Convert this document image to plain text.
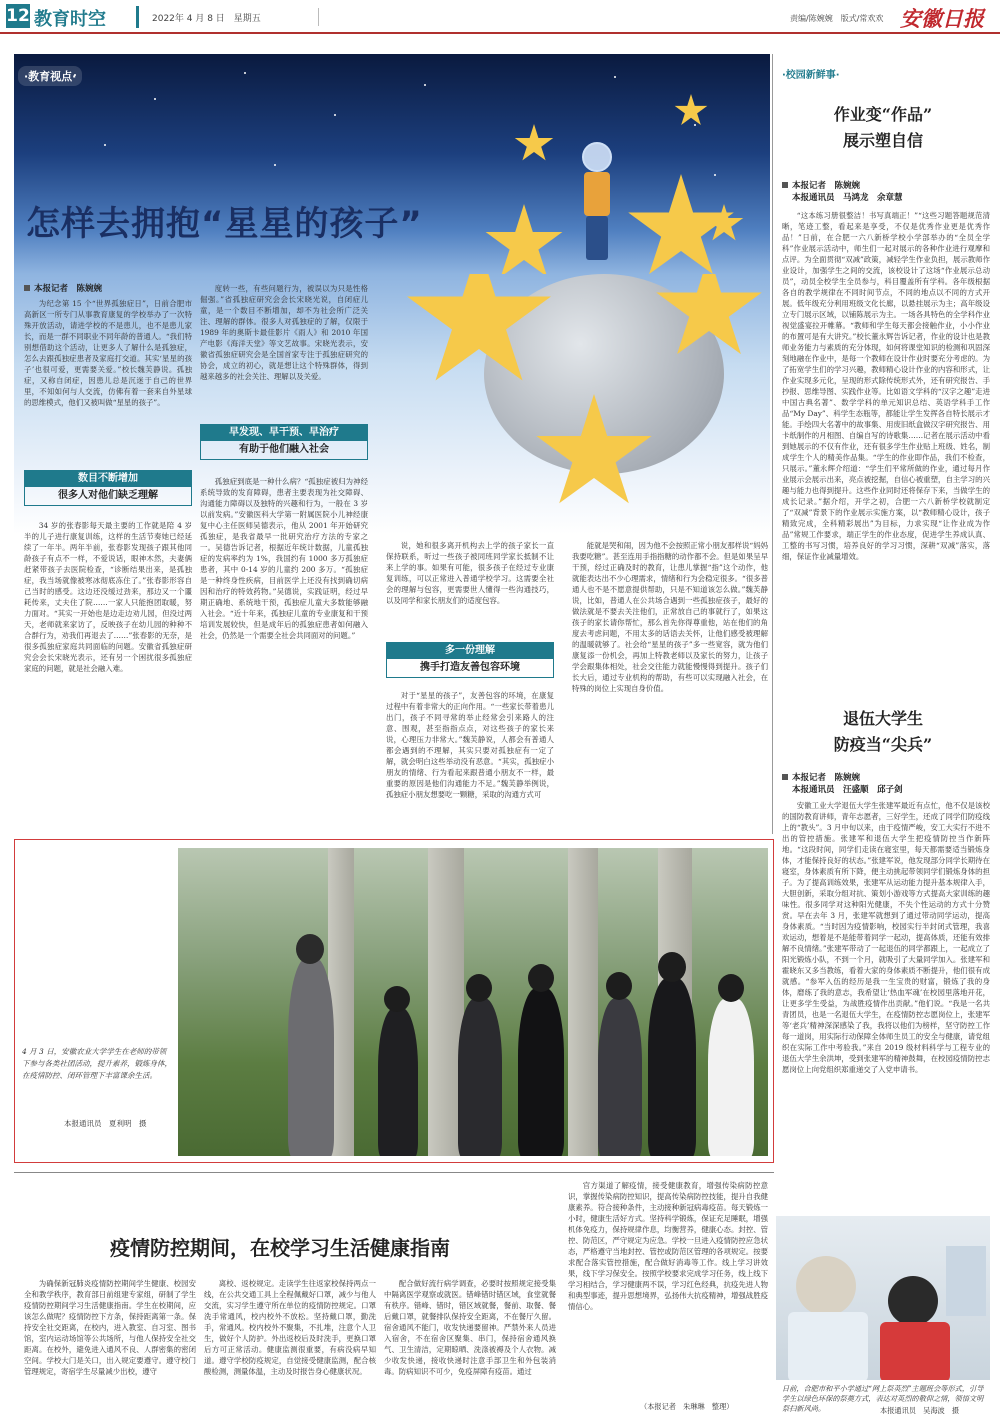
12 教育时空	2022年 4 月 8 日　星期五	责编/陈婉婉　版式/常欢欢 安徽日报
·教育视点·
怎样去拥抱“星星的孩子”
本报记者　陈婉婉

为纪念第 15 个“世界孤独症日”，日前合肥市高新区一所专门从事教育康复的学校举办了一次特殊开放活动，请进学校的不是患儿，也不是患儿家长，而是一群不同职业不同年龄的普通人。“我们特别想借助这个活动，让更多人了解什么是孤独症，怎么去跟孤独症患者及家庭打交道。其实‘星星的孩子’也很可爱，更需要关爱。”校长魏芙静说。孤独症，又称自闭症，因患儿总是沉迷于自己的世界里，不知如何与人交流，仿佛有着一套来自外星球的思维模式，他们又被叫做“星星的孩子”。

数目不断增加
很多人对他们缺乏理解

34 岁的张春影每天最主要的工作就是陪 4 岁半的儿子进行康复训练，这样的生活节奏她已经延续了一年半。两年半前，张春影发现孩子跟其他同龄孩子有点不一样，不爱说话，眼神木然，夫妻俩赶紧带孩子去医院检查，“诊断结果出来，是孤独症，我当场就像被寒冰彻底冻住了。”张春影形容自己当时的感受。这边还没缓过劲来，那边又一个噩耗传来，丈夫住了院……一家人只能抱团取暖，努力面对。“其实一开始也是边走边劝儿园，但没过两天，老师就来家访了，反映孩子在幼儿园的种种不合群行为，劝我们再退去了……”张春影的无奈，是很多孤独症家庭共同面临的问题。安徽省孤独症研究会会长宋晓光表示，还有另一个困扰很多孤独症家庭的问题，就是社会融入难。

度转一些，有些问题行为，被误以为只是性格倔强。”省孤独症研究会会长宋晓光说，自闭症儿童，是一个数目不断增加，却不为社会所广泛关注、理解的群体。很多人对孤独症的了解，仅限于 1989 年的奥斯卡最佳影片《雨人》和 2010 年国产电影《海洋天堂》等文艺故事。宋晓光表示，安徽省孤独症研究会是全国首家专注于孤独症研究的协会，成立的初心，就是想让这个特殊群体，得到越来越多的社会关注、理解以及关爱。

早发现、早干预、早治疗
有助于他们融入社会

孤独症到底是一种什么病？“孤独症被归为神经系统导致的发育障碍，患者主要表现为社交障碍、沟通能力障碍以及独特的兴趣和行为，一般在 3 岁以前发病。”安徽医科大学第一附属医院小儿神经康复中心主任医师吴德表示，他从 2001 年开始研究孤独症，是我省最早一批研究治疗方法的专家之一。吴德告诉记者，根据近年统计数据，儿童孤独症的发病率约为 1%，我国约有 1000 多万孤独症患者，其中 0-14 岁的儿童约 200 多万。“孤独症是一种终身性疾病，目前医学上还没有找到确切病因和治疗的特效药物。”吴德说，实践证明，经过早期正确地、系统地干预，孤独症儿童大多数能够融入社会。“近十年来，孤独症儿童的专业康复和干预培训发展较快，但是成年后的孤独症患者如何融入社会，仍然是一个需要全社会共同面对的问题。”

说，她和很多离开机构去上学的孩子家长一直保持联系，听过一些孩子被同班同学家长抵制不让来上学的事。如果有可能，很多孩子在经过专业康复训练，可以正常进入普通学校学习。这需要全社会的理解与包容，更需要世人懂得一些沟通技巧，以及同学和家长朋友们的适度包容。

多一份理解
携手打造友善包容环境

对于“星星的孩子”，友善包容的环境，在康复过程中有着非常大的正向作用。“一些家长带着患儿出门，孩子不同寻常的举止经常会引来路人的注意、围观，甚至指指点点，对这些孩子的家长来说，心理压力非常大。”魏芙静说，人都会有普通人都会遇到的不理解，其实只要对孤独症有一定了解，就会明白这些举动没有恶意。“其实，孤独症小朋友的情绪、行为看起来跟普通小朋友不一样，最重要的原因是他们沟通能力不足。”魏芙静举例说，孤独症小朋友想要吃一颗糖，采取的沟通方式可

能就是哭和闹，因为他不会按照正常小朋友那样说“妈妈我要吃糖”。甚至连用手指指糖的动作都不会。但是如果呈早干预，经过正确及时的教育，让患儿掌握“指”这个动作，他就能表达出不少心理需求，情绪和行为会稳定很多。“很多普通人也不是不愿意提供帮助，只是不知道该怎么做。”魏芙静说，比如，普通人在公共场合遇到一些孤独症孩子，最好的做法就是不要去关注他们，正常放自己的事就行了，如果这孩子的家长请你帮忙，那么首先你得尊重他，站在他们的角度去考虑问题，不用太多的话语去关怀，让他们感受被理解的温暖就够了。社会给“星星的孩子”多一些宽容，就为他们康复添一份机会，再加上特教老师以及家长的努力，让孩子学会跟集体相处，社会交往能力就能慢慢得到提升。孩子们长大后，通过专业机构的帮助，有些可以实现融入社会，在特殊的岗位上实现自身价值。

·校园新鲜事·
作业变“作品”
展示塑自信
本报记者　陈婉婉
本报通讯员　马鸿龙　余章慧

“这本练习册很整洁！书写真端正！”“这些习题答题规范清晰，笔迹工整，看起来是享受，不仅是优秀作业更是优秀作品！”日前，在合肥一六八新桥学校小学部举办的“全员全学科”作业展示活动中，师生们一起对展示的各种作业进行观摩和点评。为全面贯彻“双减”政策，减轻学生作业负担，展示教师作业设计，加强学生之间的交流，该校设计了这场“作业展示总动员”，动员全校学生全员参与，科目覆盖所有学科。各年级根据各自的教学规律在不同时间节点，不同的地点以不同的方式开展。低年级充分利用班级文化长廊，以悬挂展示为主；高年级设立专门展示区域，以铺陈展示为主。一场各具特色的全学科作业视觉盛宴拉开帷幕。“教师和学生每天都会接触作业，小小作业的布置可是有大讲究。”校长董永辉告诉记者，作业的设计也是教师业务能力与素质的充分体现，如何将课堂知识的检测和巩固深刻地融在作业中，是每一个教师在设计作业时要充分考虑的。为了拓宽学生们的学习兴趣，教师精心设计作业的内容和形式，让作业实现多元化，呈现的形式除传统形式外，还有研究报告、手抄报、思维导图、实践作业等。比如语文学科的“汉字之趣”走进中国古典名著”、数学学科的单元知识总结、英语学科手工作品“My Day”、科学生态瓶等，都能让学生发挥各自特长展示才能。手绘四大名著中的故事集、用废旧纸盒做汉字研究报告、用卡纸制作的月相图、自编自写的诗歌集……记者在展示活动中看到她展示的不仅有作业，还有很多学生作业贴上班级、姓名，制成学生个人的精美作品集。“学生的作业即作品，我们不检查，只展示。”董永辉介绍道：“学生们平常所做的作业，通过每月作业展示会展示出来，亮点被挖掘，自信心被重塑，自主学习的兴趣与能力也得到提升。这些作业同时还将保存下来，当做学生的成长记录。”据介绍，开学之初，合肥一六八新桥学校就制定了“双减”背景下的作业展示实施方案，以“教师精心设计，孩子精致完成，全科精彩展出”为目标，力求实现“让作业成为作品”常规工作要求，端正学生的作业态度，促进学生养成认真、工整的书写习惯，培养良好的学习习惯，深耕“双减”落实，落细，保证作业减量增效。

退伍大学生
防疫当“尖兵”
本报记者　陈婉婉
本报通讯员　汪盛顺　邱子剑

安徽工业大学退伍大学生张建军最近有点忙，他不仅是该校的国防教育讲师，青年志愿者，三好学生，还成了同学们防疫线上的“教头”。3 月中旬以来，由于疫情严峻，安工大实行不进不出的管控措施。张建军和退伍大学生把疫情防控当作新阵地。“这段时间，同学们走读在寝室里，每天都需要适当锻炼身体，才能保持良好的状态。”张建军说，他发现部分同学长期待在寝室，身体素质有所下降，便主动挑起带领同学们锻炼身体的担子。为了提高训练效果，张建军从运动能力提升基本规律入手，大胆创新，采取分组对抗、策划小游戏等方式提高大家训练的趣味性。很多同学对这种阳光健康，不失个性运动的方式十分赞赏。早在去年 3 月，张建军就想到了通过带动同学运动，提高身体素质。“当时因为疫情影响，校园实行半封闭式管理，我喜欢运动，想着是不是能带着同学一起动，提高体质，还能有效排解不良情绪。”张建军带动了一起退伍的同学都跟上，一起成立了阳光锻炼小队，不到一个月，就吸引了大量同学加入。张建军和霍晓东又多当教练，看着大家的身体素质不断提升，他们很有成就感。“参军入伍的经历是我一生宝贵的财富，锻炼了我的身体，磨练了我的意志，我希望让‘热血军魂’在校园里落地开花，让更多学生受益，为战胜疫情作出贡献。”他们说。“我是一名共青团员，也是一名退伍大学生，在疫情防控志愿岗位上，张建军等‘老兵’精神深深感染了我，我将以他们为榜样，坚守防控工作每一道岗，用实际行动保障全体师生员工的安全与健康，请党组织在实际工作中考验我。”来自 2019 级材料科学与工程专业的退伍大学生余洪坤，受到张建军的精神鼓舞，在校园疫情防控志愿岗位上向党组织郑重递交了入党申请书。

4 月 3 日，安徽农业大学学生在老师的带领下参与各类社团活动，提升素养，锻炼身体，在疫情防控、闭环管理下丰富课余生活。
本报通讯员　夏利明　摄
疫情防控期间，在校学习生活健康指南

为确保新冠肺炎疫情防控期间学生健康、校园安全和教学秩序，教育部日前组建专家组，研制了学生疫情防控期间学习生活健康指南。学生在校期间，应该怎么做呢？疫情防控下方条，保持距离第一条。保持安全社交距离，在校内，进入教室、自习室、图书馆，室内运动场馆等公共场所，与他人保持安全社交距离。在校外，避免进入通风不良、人群密集的密闭空间。学校大门是关口，出入规定要遵守。遵守校门管理规定，寄宿学生尽量减少出校，遵守

离校、返校规定。走读学生往返家校保持两点一线，在公共交通工具上全程佩戴好口罩，减少与他人交流，实习学生遵守所在单位的疫情防控规定。口罩洗手常通风，校内校外不放松。坚持戴口罩，勤洗手，常通风。校内校外不聚集，不扎堆，注意个人卫生，做好个人防护。外出返校后及时洗手，更换口罩后方可正常活动。健康监测很重要，有病没病早知道。遵守学校防疫规定，自觉接受健康监测，配合核酸检测，测量体温，主动及时报告身心健康状况。

配合做好流行病学调查，必要时按照规定接受集中隔离医学观察或就医。错峰错时错区域，食堂就餐有秩序。错峰、错时，错区域就餐，餐前、取餐、餐后戴口罩，就餐排队保持安全距离，不在餐厅久留。宿舍通风不能门，收发快递要留神。严禁外来人员进入宿舍，不在宿舍区聚集、串门，保持宿舍通风换气、卫生清洁，定期晾晒、洗涤被褥及个人衣物。减少收发快递，接收快递时注意手部卫生和外包装消毒。防病知识不可少，免疫屏障有疫苗。通过

官方渠道了解疫情，接受健康教育，增强传染病防控意识，掌握传染病防控知识，提高传染病防控技能，提升自我健康素养。符合接种条件，主动接种新冠病毒疫苗。每天锻炼一小时，健康生活好方式。坚持科学锻炼，保证充足睡眠，增强机体免疫力，保持规律作息，均衡营养，健康心态。封控、管控、防范区，严守规定为应急。学校一旦进入疫情防控应急状态，严格遵守当地封控、管控或防范区管理的各项规定。按要求配合落实管控措施，配合做好消毒等工作。线上学习讲效果，线下学习保安全。按照学校要求完成学习任务，线上线下学习相结合，学习健康两不误，学习红色经典，抗疫先进人物和典型事迹，提升思想境界，弘扬伟大抗疫精神，增强战胜疫情信心。

（本报记者　朱琳琳　整理）
日前，合肥市和平小学通过“网上祭英烈”主题班会等形式，引导学生以绿色环保的祭奠方式，表达对英烈的敬仰之情，领悟文明祭扫新风尚。	本报通讯员　吴海波　摄
